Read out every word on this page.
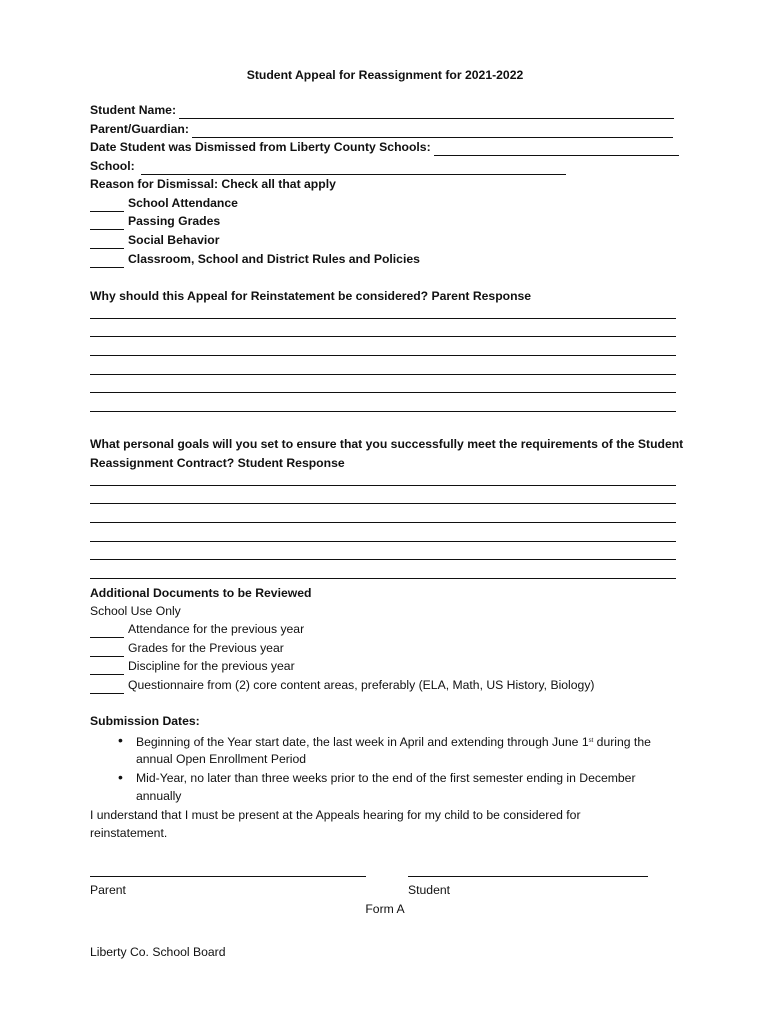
Student Appeal for Reassignment for 2021-2022
Student Name:
Parent/Guardian:
Date Student was Dismissed from Liberty County Schools:
School:
Reason for Dismissal: Check all that apply
School Attendance
Passing Grades
Social Behavior
Classroom, School and District Rules and Policies
Why should this Appeal for Reinstatement be considered? Parent Response
What personal goals will you set to ensure that you successfully meet the requirements of the Student
Reassignment Contract? Student Response
Additional Documents to be Reviewed
School Use Only
Attendance for the previous year
Grades for the Previous year
Discipline for the previous year
Questionnaire from (2) core content areas, preferably (ELA, Math, US History, Biology)
Submission Dates:
• Beginning of the Year start date, the last week in April and extending through June 1st during the
annual Open Enrollment Period
• Mid-Year, no later than three weeks prior to the end of the first semester ending in December
annually
I understand that I must be present at the Appeals hearing for my child to be considered for
reinstatement.
Parent	Student
Form A
Liberty Co. School Board
